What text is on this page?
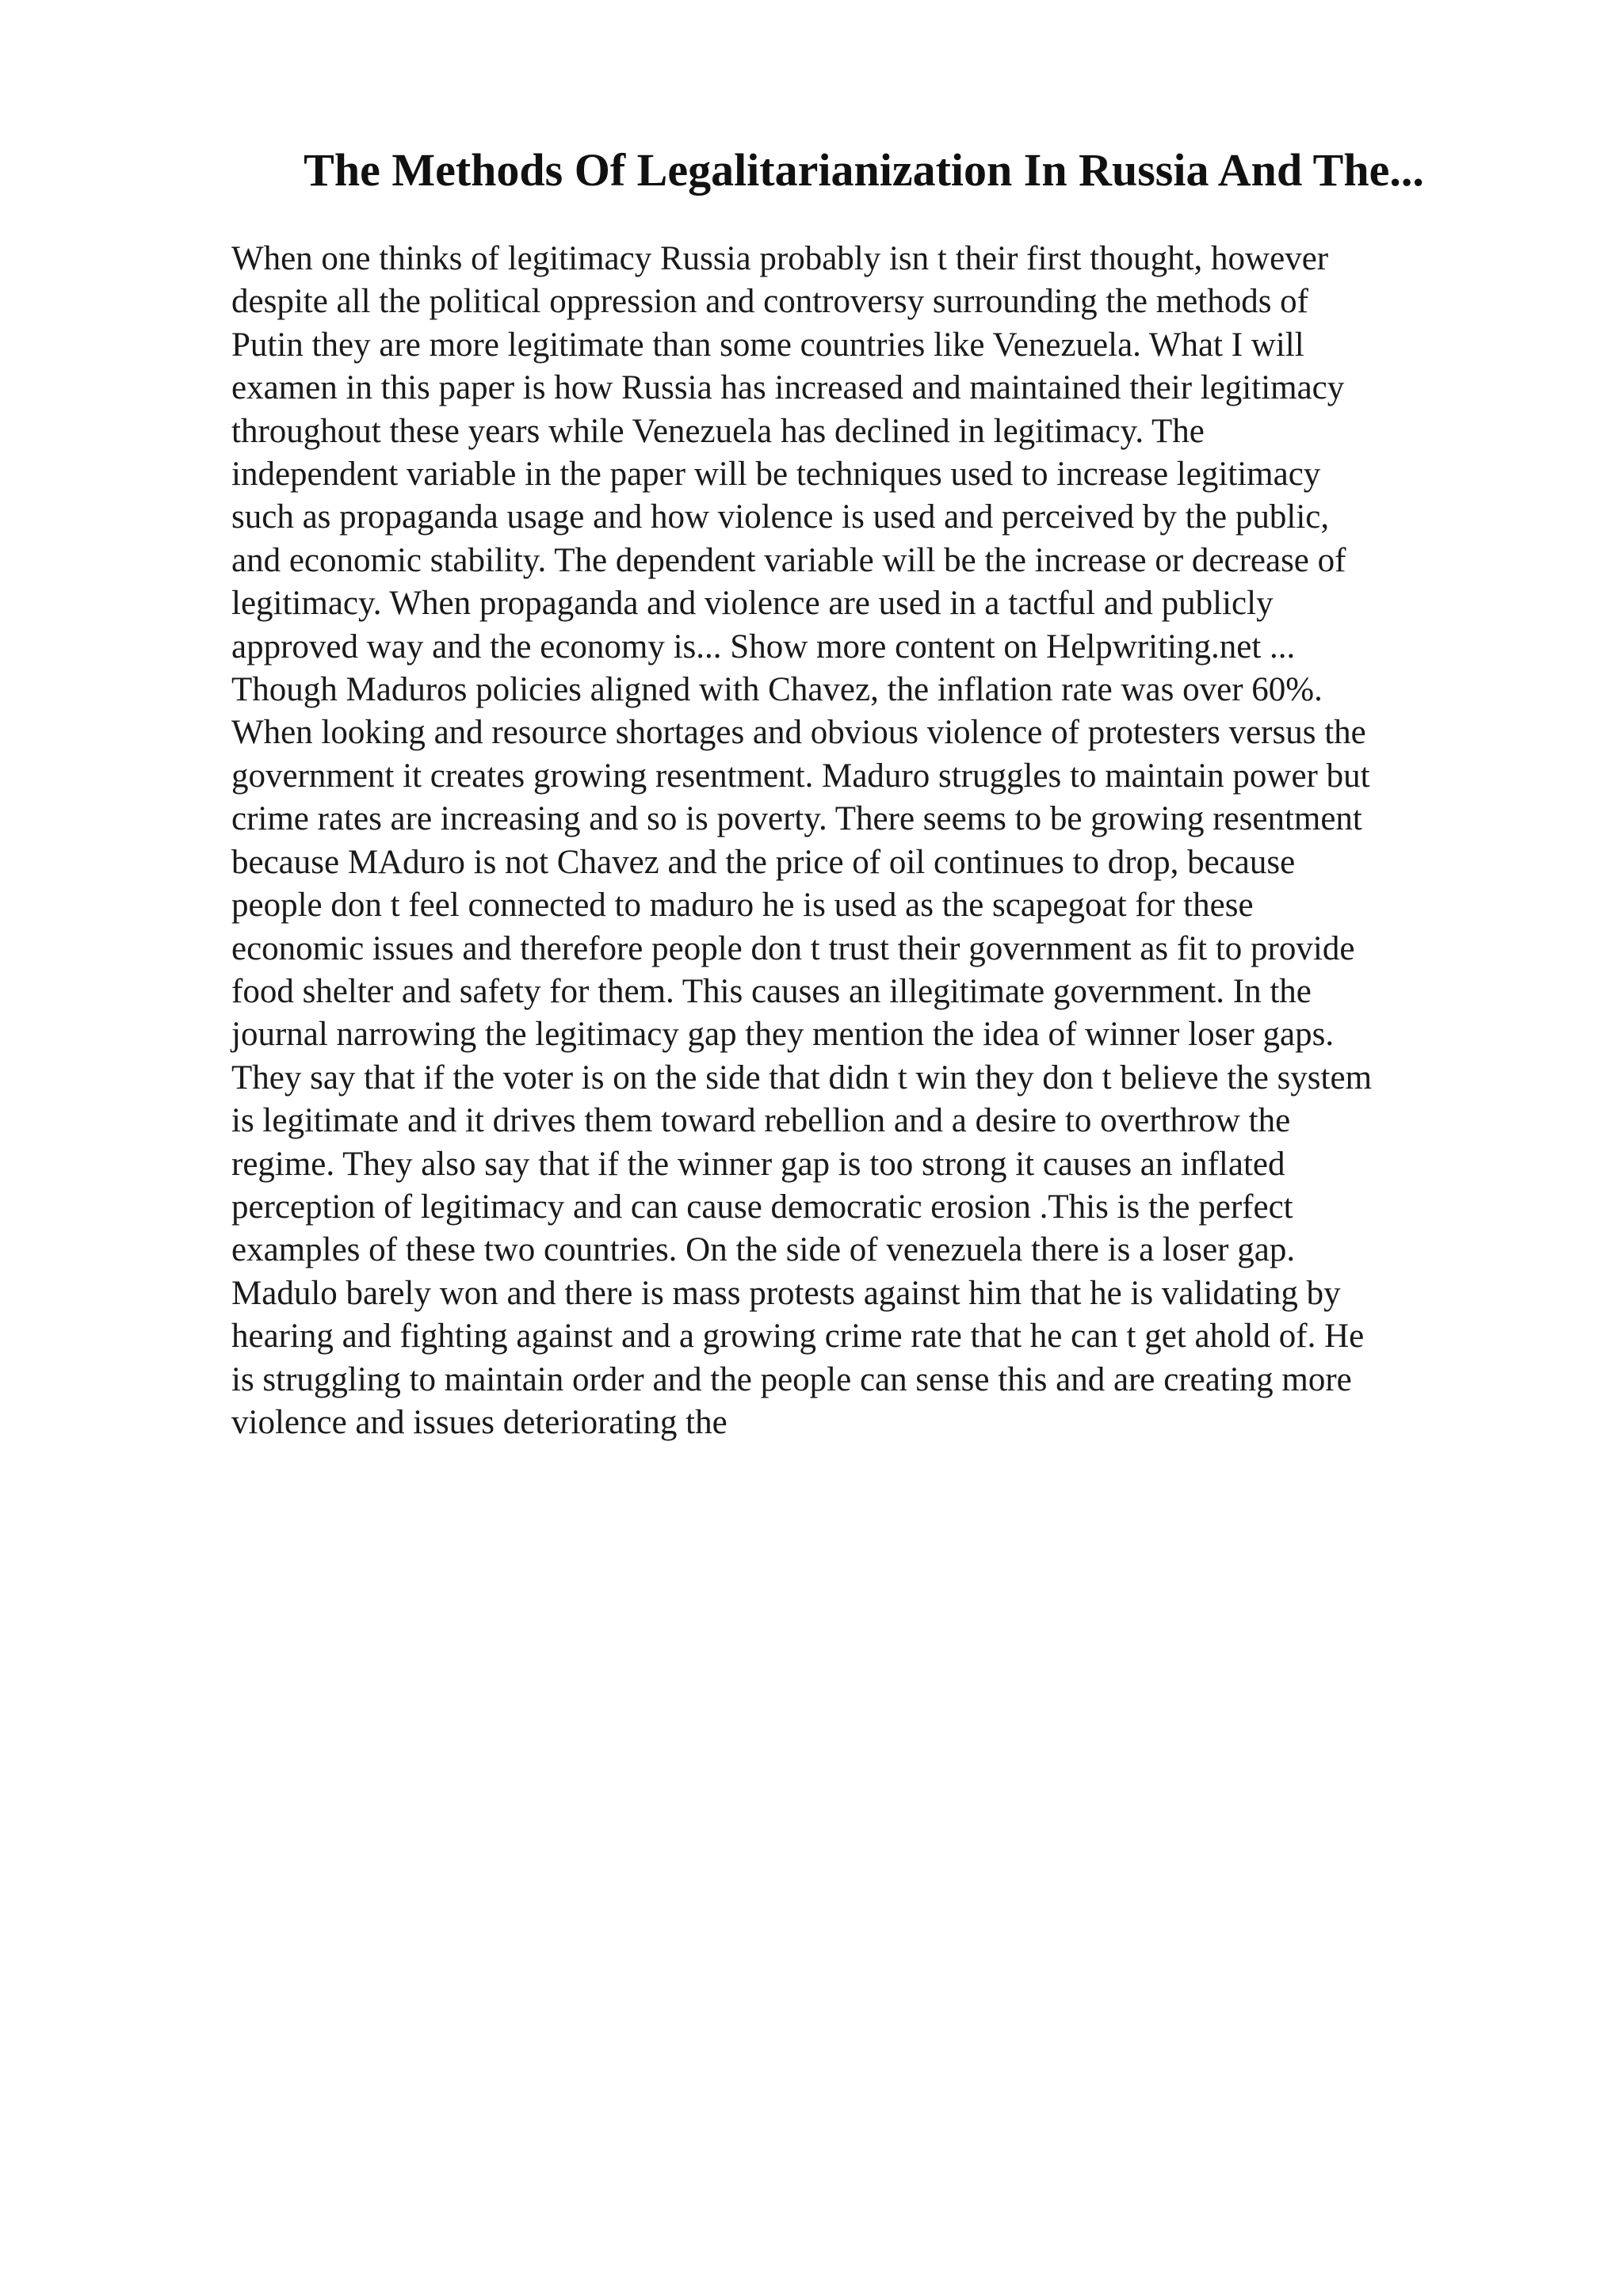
The Methods Of Legalitarianization In Russia And The...
When one thinks of legitimacy Russia probably isn t their first thought, however
despite all the political oppression and controversy surrounding the methods of
Putin they are more legitimate than some countries like Venezuela. What I will
examen in this paper is how Russia has increased and maintained their legitimacy
throughout these years while Venezuela has declined in legitimacy. The
independent variable in the paper will be techniques used to increase legitimacy
such as propaganda usage and how violence is used and perceived by the public,
and economic stability. The dependent variable will be the increase or decrease of
legitimacy. When propaganda and violence are used in a tactful and publicly
approved way and the economy is... Show more content on Helpwriting.net ...
Though Maduros policies aligned with Chavez, the inflation rate was over 60%.
When looking and resource shortages and obvious violence of protesters versus the
government it creates growing resentment. Maduro struggles to maintain power but
crime rates are increasing and so is poverty. There seems to be growing resentment
because MAduro is not Chavez and the price of oil continues to drop, because
people don t feel connected to maduro he is used as the scapegoat for these
economic issues and therefore people don t trust their government as fit to provide
food shelter and safety for them. This causes an illegitimate government. In the
journal narrowing the legitimacy gap they mention the idea of winner loser gaps.
They say that if the voter is on the side that didn t win they don t believe the system
is legitimate and it drives them toward rebellion and a desire to overthrow the
regime. They also say that if the winner gap is too strong it causes an inflated
perception of legitimacy and can cause democratic erosion .This is the perfect
examples of these two countries. On the side of venezuela there is a loser gap.
Madulo barely won and there is mass protests against him that he is validating by
hearing and fighting against and a growing crime rate that he can t get ahold of. He
is struggling to maintain order and the people can sense this and are creating more
violence and issues deteriorating the
